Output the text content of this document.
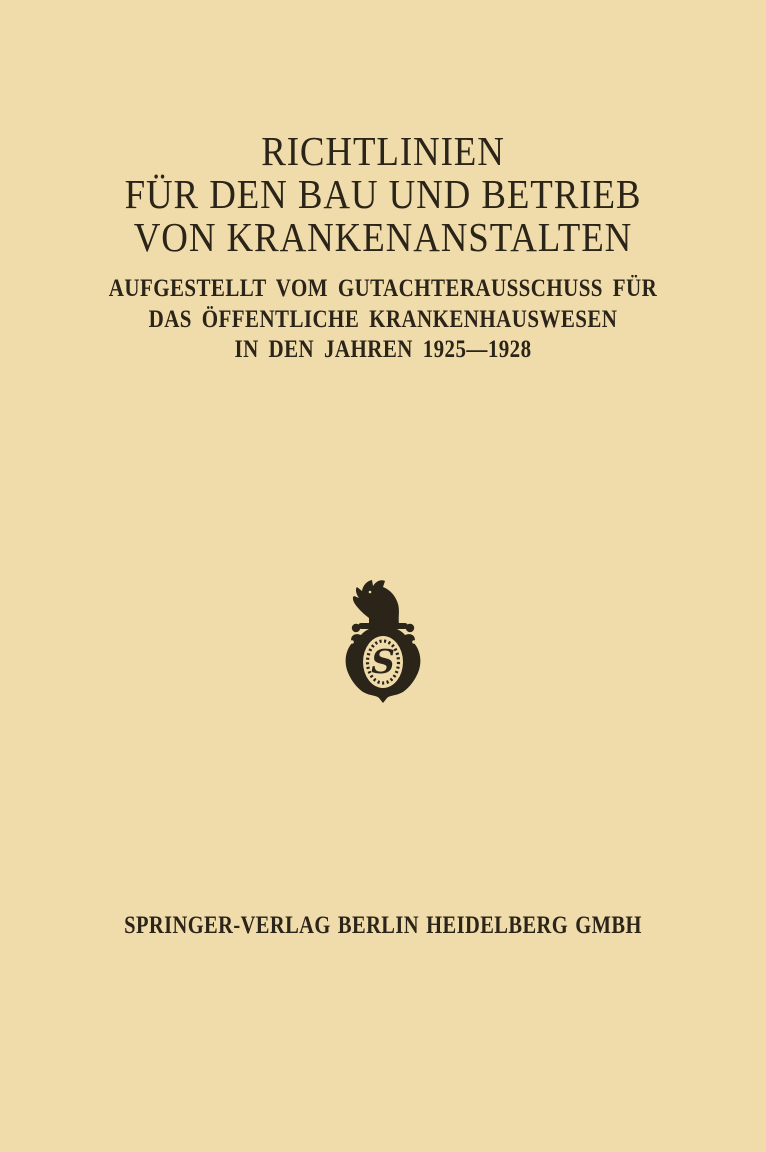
RICHTLINIEN
FÜR DEN BAU UND BETRIEB
VON KRANKENANSTALTEN
AUFGESTELLT VOM GUTACHTERAUSSCHUSS FÜR
DAS ÖFFENTLICHE KRANKENHAUSWESEN
IN DEN JAHREN 1925—1928
S
SPRINGER-VERLAG BERLIN HEIDELBERG GMBH
